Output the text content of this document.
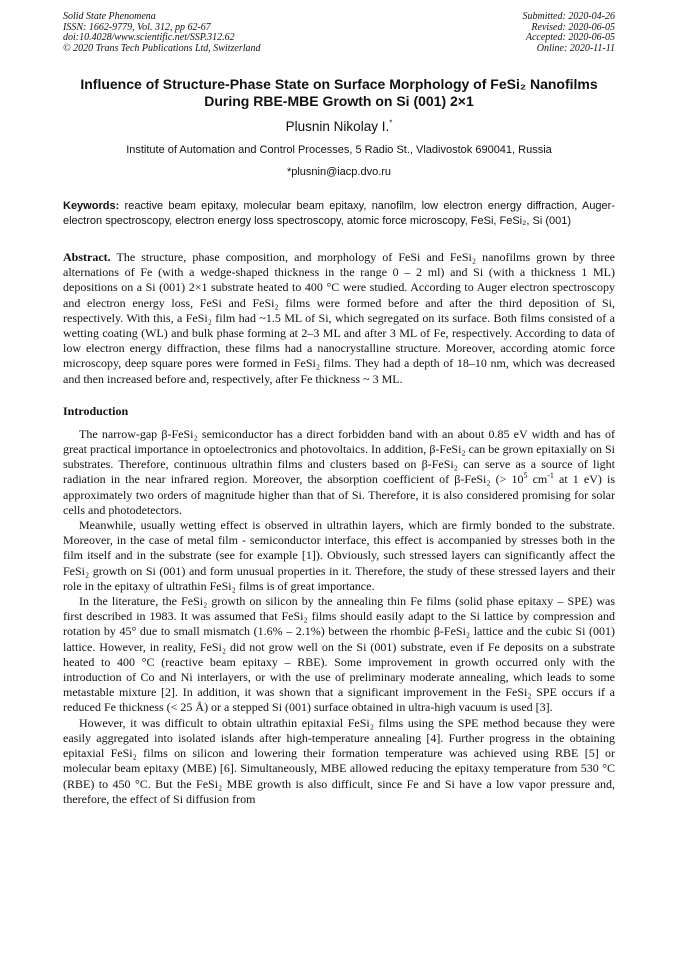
Solid State Phenomena
ISSN: 1662-9779, Vol. 312, pp 62-67
doi:10.4028/www.scientific.net/SSP.312.62
© 2020 Trans Tech Publications Ltd, Switzerland
Submitted: 2020-04-26
Revised: 2020-06-05
Accepted: 2020-06-05
Online: 2020-11-11
Influence of Structure-Phase State on Surface Morphology of FeSi₂ Nanofilms During RBE-MBE Growth on Si (001) 2×1
Plusnin Nikolay I.*
Institute of Automation and Control Processes, 5 Radio St., Vladivostok 690041, Russia
*plusnin@iacp.dvo.ru
Keywords: reactive beam epitaxy, molecular beam epitaxy, nanofilm, low electron energy diffraction, Auger-electron spectroscopy, electron energy loss spectroscopy, atomic force microscopy, FeSi, FeSi₂, Si (001)
Abstract. The structure, phase composition, and morphology of FeSi and FeSi₂ nanofilms grown by three alternations of Fe (with a wedge-shaped thickness in the range 0 – 2 ml) and Si (with a thickness 1 ML) depositions on a Si (001) 2×1 substrate heated to 400 °C were studied. According to Auger electron spectroscopy and electron energy loss, FeSi and FeSi₂ films were formed before and after the third deposition of Si, respectively. With this, a FeSi₂ film had ~1.5 ML of Si, which segregated on its surface. Both films consisted of a wetting coating (WL) and bulk phase forming at 2–3 ML and after 3 ML of Fe, respectively. According to data of low electron energy diffraction, these films had a nanocrystalline structure. Moreover, according atomic force microscopy, deep square pores were formed in FeSi₂ films. They had a depth of 18–10 nm, which was decreased and then increased before and, respectively, after Fe thickness ~ 3 ML.
Introduction
The narrow-gap β-FeSi₂ semiconductor has a direct forbidden band with an about 0.85 eV width and has of great practical importance in optoelectronics and photovoltaics. In addition, β-FeSi₂ can be grown epitaxially on Si substrates. Therefore, continuous ultrathin films and clusters based on β-FeSi₂ can serve as a source of light radiation in the near infrared region. Moreover, the absorption coefficient of β-FeSi₂ (> $10^5$ $cm^{-1}$ at 1 eV) is approximately two orders of magnitude higher than that of Si. Therefore, it is also considered promising for solar cells and photodetectors.
Meanwhile, usually wetting effect is observed in ultrathin layers, which are firmly bonded to the substrate. Moreover, in the case of metal film - semiconductor interface, this effect is accompanied by stresses both in the film itself and in the substrate (see for example [1]). Obviously, such stressed layers can significantly affect the FeSi₂ growth on Si (001) and form unusual properties in it. Therefore, the study of these stressed layers and their role in the epitaxy of ultrathin FeSi₂ films is of great importance.
In the literature, the FeSi₂ growth on silicon by the annealing thin Fe films (solid phase epitaxy – SPE) was first described in 1983. It was assumed that FeSi₂ films should easily adapt to the Si lattice by compression and rotation by 45° due to small mismatch (1.6% – 2.1%) between the rhombic β-FeSi₂ lattice and the cubic Si (001) lattice. However, in reality, FeSi₂ did not grow well on the Si (001) substrate, even if Fe deposits on a substrate heated to 400 °C (reactive beam epitaxy – RBE). Some improvement in growth occurred only with the introduction of Co and Ni interlayers, or with the use of preliminary moderate annealing, which leads to some metastable mixture [2]. In addition, it was shown that a significant improvement in the FeSi₂ SPE occurs if a reduced Fe thickness (< 25 Å) or a stepped Si (001) surface obtained in ultra-high vacuum is used [3].
However, it was difficult to obtain ultrathin epitaxial FeSi₂ films using the SPE method because they were easily aggregated into isolated islands after high-temperature annealing [4]. Further progress in the obtaining epitaxial FeSi₂ films on silicon and lowering their formation temperature was achieved using RBE [5] or molecular beam epitaxy (MBE) [6]. Simultaneously, MBE allowed reducing the epitaxy temperature from 530 °C (RBE) to 450 °C. But the FeSi₂ MBE growth is also difficult, since Fe and Si have a low vapor pressure and, therefore, the effect of Si diffusion from
